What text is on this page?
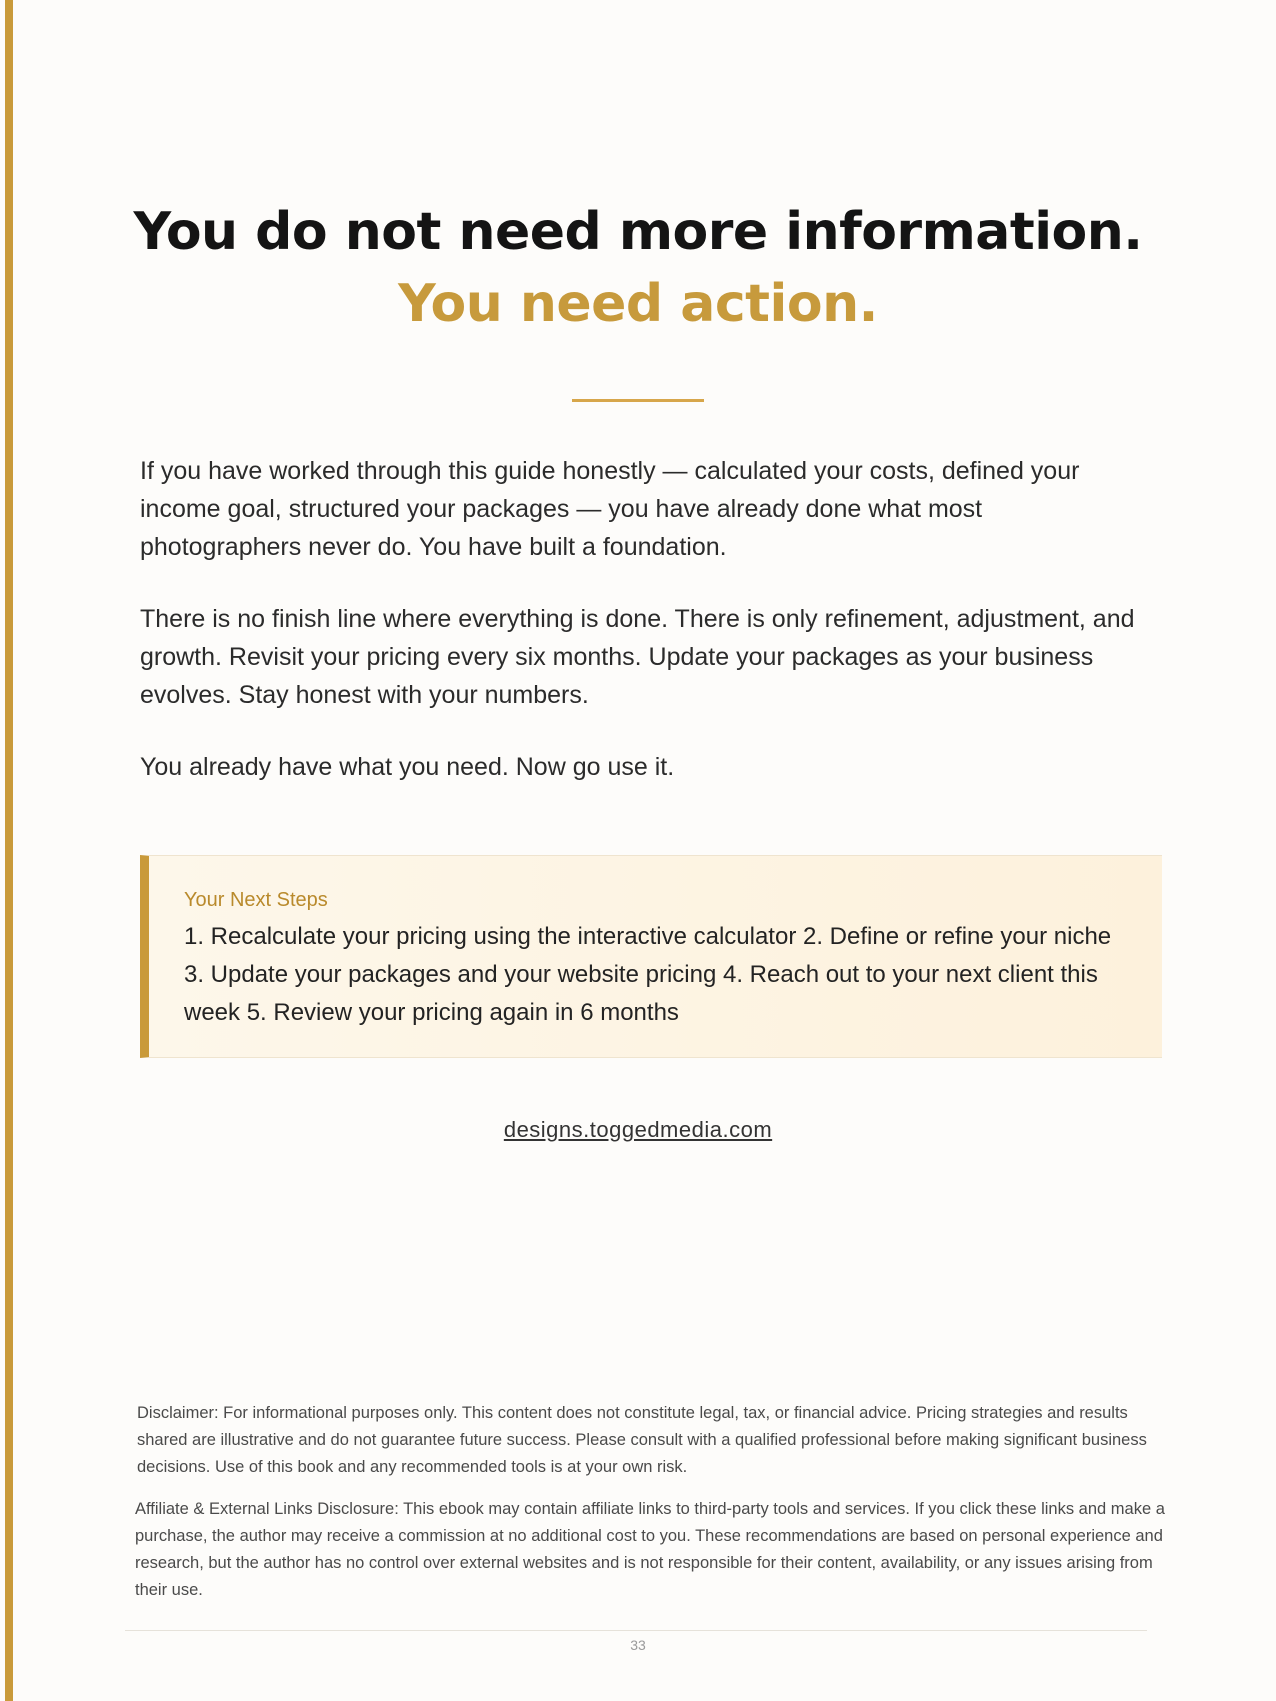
You do not need more information.
You need action.

If you have worked through this guide honestly — calculated your costs, defined your income goal, structured your packages — you have already done what most photographers never do. You have built a foundation.

There is no finish line where everything is done. There is only refinement, adjustment, and growth. Revisit your pricing every six months. Update your packages as your business evolves. Stay honest with your numbers.

You already have what you need. Now go use it.

Your Next Steps

1. Recalculate your pricing using the interactive calculator 2. Define or refine your niche 3. Update your packages and your website pricing 4. Reach out to your next client this week 5. Review your pricing again in 6 months

designs.toggedmedia.com

Disclaimer: For informational purposes only. This content does not constitute legal, tax, or financial advice. Pricing strategies and results shared are illustrative and do not guarantee future success. Please consult with a qualified professional before making significant business decisions. Use of this book and any recommended tools is at your own risk.

Affiliate & External Links Disclosure: This ebook may contain affiliate links to third-party tools and services. If you click these links and make a purchase, the author may receive a commission at no additional cost to you. These recommendations are based on personal experience and research, but the author has no control over external websites and is not responsible for their content, availability, or any issues arising from their use.

33
